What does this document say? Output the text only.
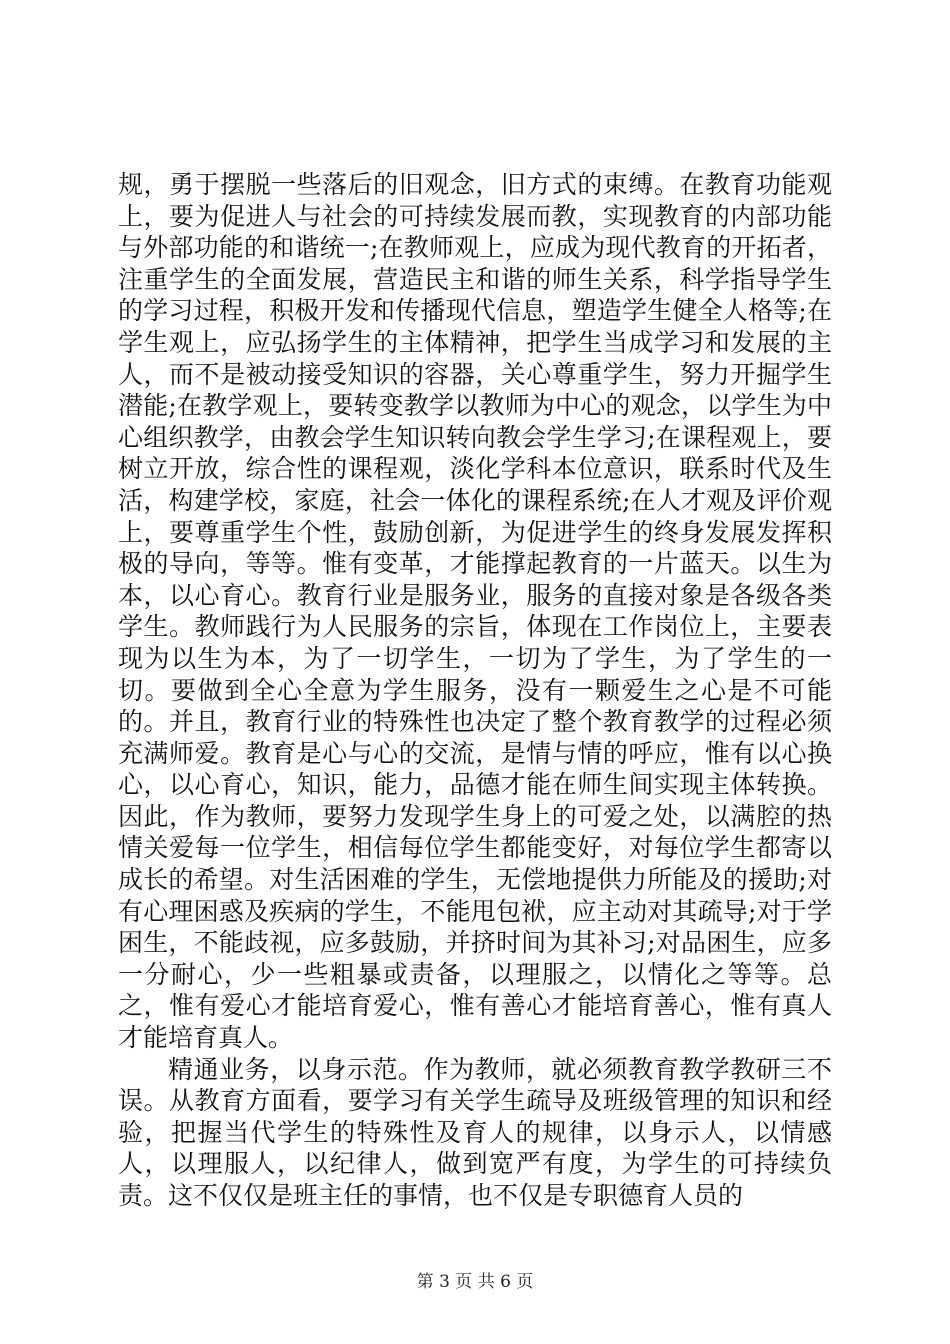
规，勇于摆脱一些落后的旧观念，旧方式的束缚。在教育功能观上，要为促进人与社会的可持续发展而教，实现教育的内部功能与外部功能的和谐统一;在教师观上，应成为现代教育的开拓者，注重学生的全面发展，营造民主和谐的师生关系，科学指导学生的学习过程，积极开发和传播现代信息，塑造学生健全人格等;在学生观上，应弘扬学生的主体精神，把学生当成学习和发展的主人，而不是被动接受知识的容器，关心尊重学生，努力开掘学生潜能;在教学观上，要转变教学以教师为中心的观念，以学生为中心组织教学，由教会学生知识转向教会学生学习;在课程观上，要树立开放，综合性的课程观，淡化学科本位意识，联系时代及生活，构建学校，家庭，社会一体化的课程系统;在人才观及评价观上，要尊重学生个性，鼓励创新，为促进学生的终身发展发挥积极的导向，等等。惟有变革，才能撑起教育的一片蓝天。以生为本，以心育心。教育行业是服务业，服务的直接对象是各级各类学生。教师践行为人民服务的宗旨，体现在工作岗位上，主要表现为以生为本，为了一切学生，一切为了学生，为了学生的一切。要做到全心全意为学生服务，没有一颗爱生之心是不可能的。并且，教育行业的特殊性也决定了整个教育教学的过程必须充满师爱。教育是心与心的交流，是情与情的呼应，惟有以心换心，以心育心，知识，能力，品德才能在师生间实现主体转换。因此，作为教师，要努力发现学生身上的可爱之处，以满腔的热情关爱每一位学生，相信每位学生都能变好，对每位学生都寄以成长的希望。对生活困难的学生，无偿地提供力所能及的援助;对有心理困惑及疾病的学生，不能甩包袱，应主动对其疏导;对于学困生，不能歧视，应多鼓励，并挤时间为其补习;对品困生，应多一分耐心，少一些粗暴或责备，以理服之，以情化之等等。总之，惟有爱心才能培育爱心，惟有善心才能培育善心，惟有真人才能培育真人。

精通业务，以身示范。作为教师，就必须教育教学教研三不误。从教育方面看，要学习有关学生疏导及班级管理的知识和经验，把握当代学生的特殊性及育人的规律，以身示人，以情感人，以理服人，以纪律人，做到宽严有度，为学生的可持续负责。这不仅仅是班主任的事情，也不仅是专职德育人员的

第 3 页 共 6 页
